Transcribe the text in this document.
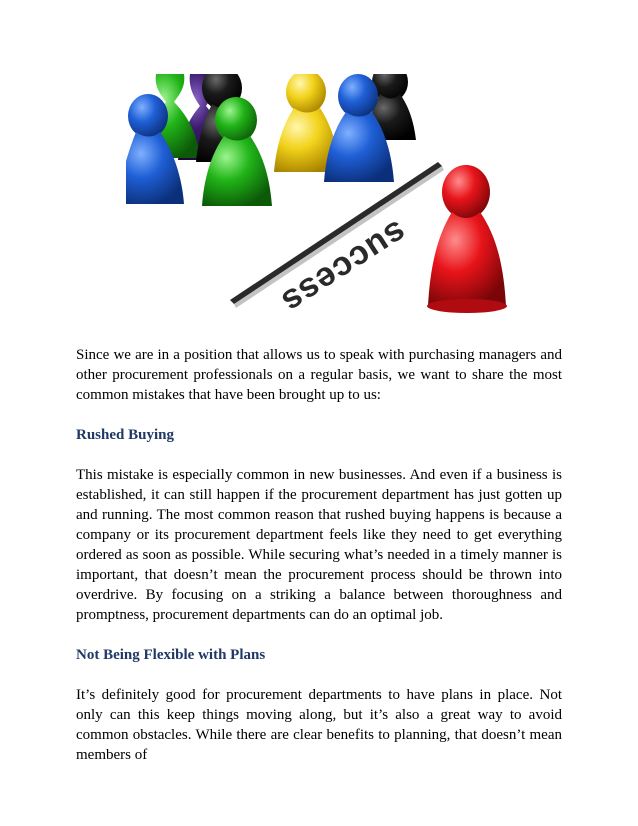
success

Since we are in a position that allows us to speak with purchasing managers and other procurement professionals on a regular basis, we want to share the most common mistakes that have been brought up to us:

Rushed Buying

This mistake is especially common in new businesses. And even if a business is established, it can still happen if the procurement department has just gotten up and running. The most common reason that rushed buying happens is because a company or its procurement department feels like they need to get everything ordered as soon as possible. While securing what’s needed in a timely manner is important, that doesn’t mean the procurement process should be thrown into overdrive. By focusing on a striking a balance between thoroughness and promptness, procurement departments can do an optimal job.

Not Being Flexible with Plans

It’s definitely good for procurement departments to have plans in place. Not only can this keep things moving along, but it’s also a great way to avoid common obstacles. While there are clear benefits to planning, that doesn’t mean members of
